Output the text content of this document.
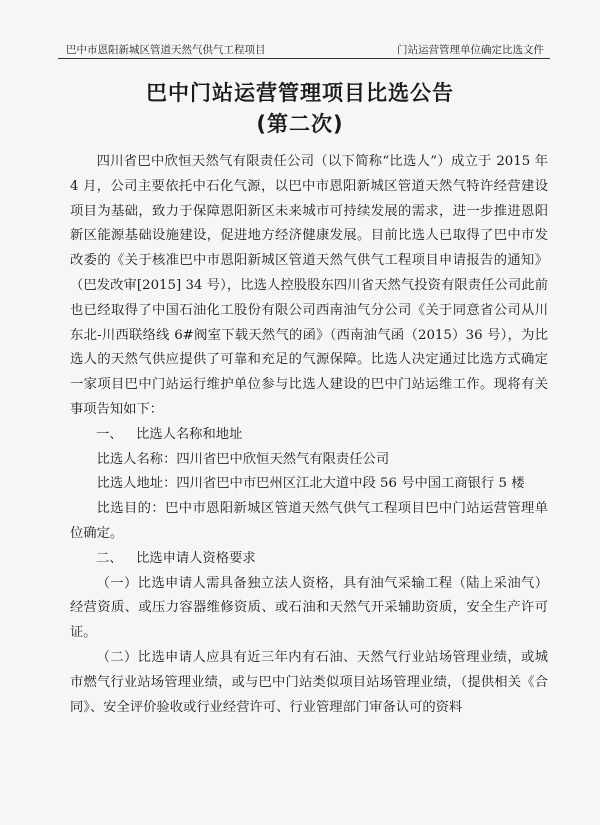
巴中市恩阳新城区管道天然气供气工程项目	门站运营管理单位确定比选文件
巴中门站运营管理项目比选公告
(第二次)

四川省巴中欣恒天然气有限责任公司（以下简称“比选人”）成立于 2015 年 4 月，公司主要依托中石化气源，以巴中市恩阳新城区管道天然气特许经营建设项目为基础，致力于保障恩阳新区未来城市可持续发展的需求，进一步推进恩阳新区能源基础设施建设，促进地方经济健康发展。目前比选人已取得了巴中市发改委的《关于核准巴中市恩阳新城区管道天然气供气工程项目申请报告的通知》（巴发改审[2015] 34 号），比选人控股股东四川省天然气投资有限责任公司此前也已经取得了中国石油化工股份有限公司西南油气分公司《关于同意省公司从川东北-川西联络线 6#阀室下载天然气的函》（西南油气函（2015）36 号），为比选人的天然气供应提供了可靠和充足的气源保障。比选人决定通过比选方式确定一家项目巴中门站运行维护单位参与比选人建设的巴中门站运维工作。现将有关事项告知如下：

一、 比选人名称和地址

比选人名称：四川省巴中欣恒天然气有限责任公司

比选人地址：四川省巴中市巴州区江北大道中段 56 号中国工商银行 5 楼

比选目的：巴中市恩阳新城区管道天然气供气工程项目巴中门站运营管理单位确定。

二、 比选申请人资格要求

（一）比选申请人需具备独立法人资格，具有油气采输工程（陆上采油气）经营资质、或压力容器维修资质、或石油和天然气开采辅助资质，安全生产许可证。

（二）比选申请人应具有近三年内有石油、天然气行业站场管理业绩，或城市燃气行业站场管理业绩，或与巴中门站类似项目站场管理业绩，（提供相关《合同》、安全评价验收或行业经营许可、行业管理部门审备认可的资料
